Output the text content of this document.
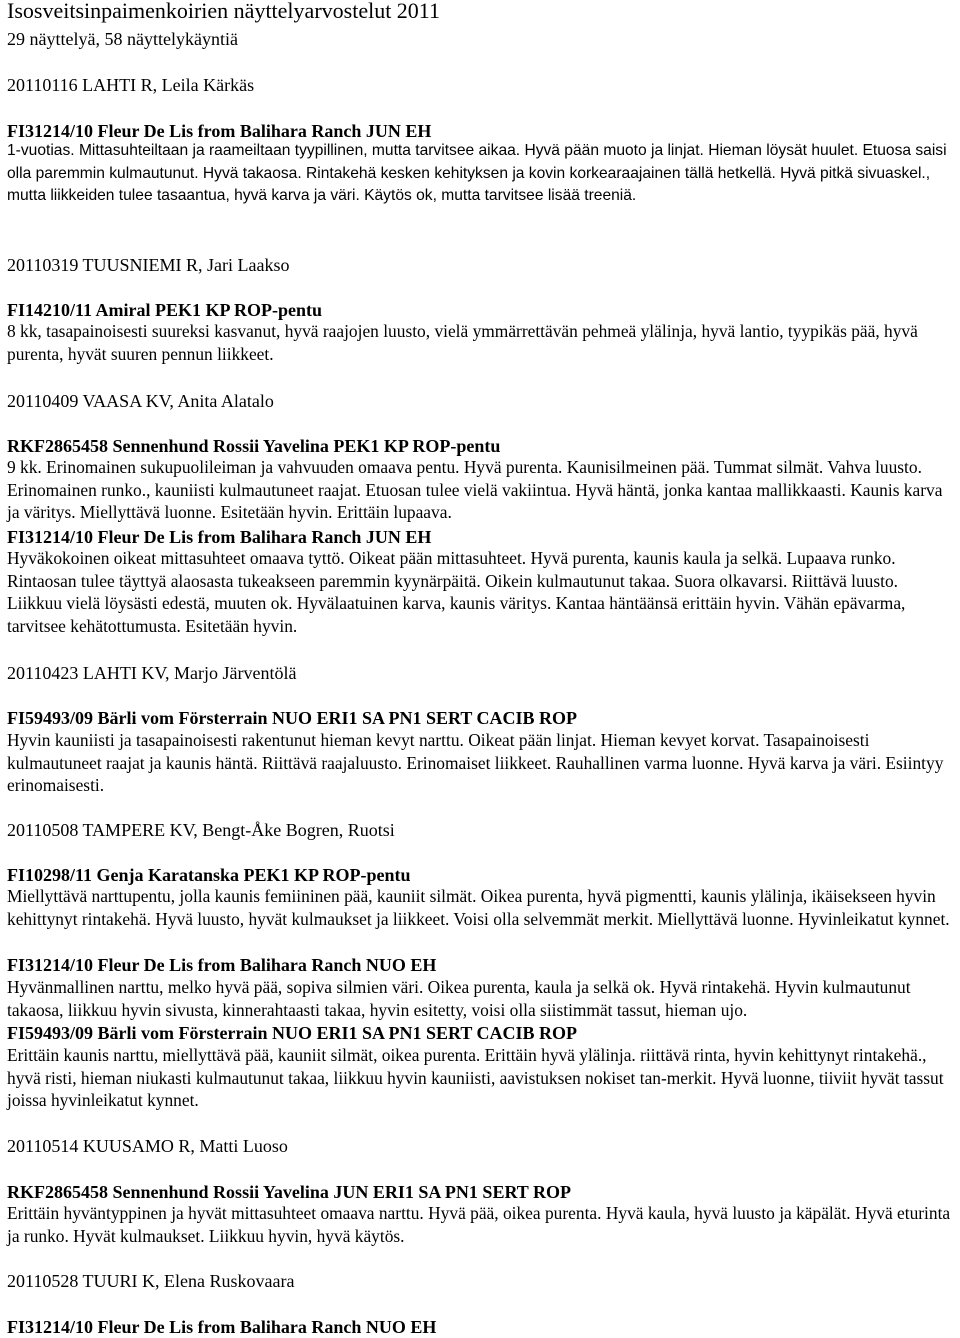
Isosveitsinpaimenkoirien näyttelyarvostelut 2011
29 näyttelyä, 58 näyttelykäyntiä
20110116 LAHTI R, Leila Kärkäs
FI31214/10 Fleur De Lis from Balihara Ranch JUN EH
1-vuotias. Mittasuhteiltaan ja raameiltaan tyypillinen, mutta tarvitsee aikaa. Hyvä pään muoto ja linjat. Hieman löysät huulet. Etuosa saisi olla paremmin kulmautunut. Hyvä takaosa. Rintakehä kesken kehityksen ja kovin korkearaajainen tällä hetkellä. Hyvä pitkä sivuaskel., mutta liikkeiden tulee tasaantua, hyvä karva ja väri. Käytös ok, mutta tarvitsee lisää treeniä.
20110319 TUUSNIEMI R, Jari Laakso
FI14210/11 Amiral PEK1 KP ROP-pentu
8 kk, tasapainoisesti suureksi kasvanut, hyvä raajojen luusto, vielä ymmärrettävän pehmeä ylälinja, hyvä lantio, tyypikäs pää, hyvä purenta, hyvät suuren pennun liikkeet.
20110409 VAASA KV, Anita Alatalo
RKF2865458 Sennenhund Rossii Yavelina PEK1 KP ROP-pentu
9 kk. Erinomainen sukupuolileiman ja vahvuuden omaava pentu. Hyvä purenta. Kaunisilmeinen pää. Tummat silmät. Vahva luusto. Erinomainen runko., kauniisti kulmautuneet raajat. Etuosan tulee vielä vakiintua. Hyvä häntä, jonka kantaa mallikkaasti. Kaunis karva ja väritys. Miellyttävä luonne. Esitetään hyvin. Erittäin lupaava.
FI31214/10 Fleur De Lis from Balihara Ranch JUN EH
Hyväkokoinen oikeat mittasuhteet omaava tyttö. Oikeat pään mittasuhteet. Hyvä purenta, kaunis kaula ja selkä. Lupaava runko. Rintaosan tulee täyttyä alaosasta tukeakseen paremmin kyynärpäitä. Oikein kulmautunut takaa. Suora olkavarsi. Riittävä luusto. Liikkuu vielä löysästi edestä, muuten ok. Hyvälaatuinen karva, kaunis väritys. Kantaa häntäänsä erittäin hyvin. Vähän epävarma, tarvitsee kehätottumusta. Esitetään hyvin.
20110423 LAHTI KV, Marjo Järventölä
FI59493/09 Bärli vom Försterrain NUO ERI1 SA PN1 SERT CACIB ROP
Hyvin kauniisti ja tasapainoisesti rakentunut hieman kevyt narttu. Oikeat pään linjat. Hieman kevyet korvat. Tasapainoisesti kulmautuneet raajat ja kaunis häntä. Riittävä raajaluusto. Erinomaiset liikkeet. Rauhallinen varma luonne. Hyvä karva ja väri. Esiintyy erinomaisesti.
20110508 TAMPERE KV, Bengt-Åke Bogren, Ruotsi
FI10298/11 Genja Karatanska PEK1 KP ROP-pentu
Miellyttävä narttupentu, jolla kaunis femiininen pää, kauniit silmät. Oikea purenta, hyvä pigmentti, kaunis ylälinja, ikäisekseen hyvin kehittynyt rintakehä. Hyvä luusto, hyvät kulmaukset ja liikkeet. Voisi olla selvemmät merkit. Miellyttävä luonne. Hyvinleikatut kynnet.
FI31214/10 Fleur De Lis from Balihara Ranch NUO EH
Hyvänmallinen narttu, melko hyvä pää, sopiva silmien väri. Oikea purenta, kaula ja selkä ok. Hyvä rintakehä. Hyvin kulmautunut takaosa, liikkuu hyvin sivusta, kinnerahtaasti takaa, hyvin esitetty, voisi olla siistimmät tassut, hieman ujo.
FI59493/09 Bärli vom Försterrain NUO ERI1 SA PN1 SERT CACIB ROP
Erittäin kaunis narttu, miellyttävä pää, kauniit silmät, oikea purenta. Erittäin hyvä ylälinja. riittävä rinta, hyvin kehittynyt rintakehä., hyvä risti, hieman niukasti kulmautunut takaa, liikkuu hyvin kauniisti, aavistuksen nokiset tan-merkit. Hyvä luonne, tiiviit hyvät tassut joissa hyvinleikatut kynnet.
20110514 KUUSAMO R, Matti Luoso
RKF2865458 Sennenhund Rossii Yavelina JUN ERI1 SA PN1 SERT ROP
Erittäin hyväntyppinen ja hyvät mittasuhteet omaava narttu. Hyvä pää, oikea purenta. Hyvä kaula, hyvä luusto ja käpälät. Hyvä eturinta ja runko. Hyvät kulmaukset. Liikkuu hyvin, hyvä käytös.
20110528 TUURI K, Elena Ruskovaara
FI31214/10 Fleur De Lis from Balihara Ranch NUO EH
